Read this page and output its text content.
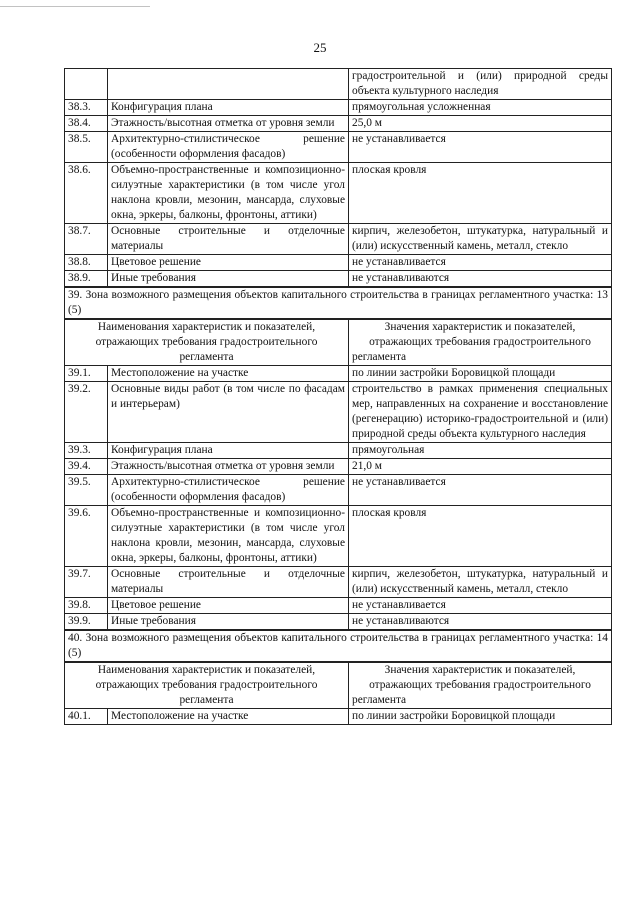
25
		градостроительной и (или) природной среды объекта культурного наследия
38.3.	Конфигурация плана	прямоугольная усложненная
38.4.	Этажность/высотная отметка от уровня земли	25,0 м
38.5.	Архитектурно-стилистическое решение (особенности оформления фасадов)	не устанавливается
38.6.	Объемно-пространственные и композиционно-силуэтные характеристики (в том числе угол наклона кровли, мезонин, мансарда, слуховые окна, эркеры, балконы, фронтоны, аттики)	плоская кровля
38.7.	Основные строительные и отделочные материалы	кирпич, железобетон, штукатурка, натуральный и (или) искусственный камень, металл, стекло
38.8.	Цветовое решение	не устанавливается
38.9.	Иные требования	не устанавливаются
39. Зона возможного размещения объектов капитального строительства в границах регламентного участка: 13 (5)		
Наименования характеристик и показателей, отражающих требования градостроительного регламента		Значения характеристик и показателей, отражающих требования градостроительного регламента
39.1.	Местоположение на участке	по линии застройки Боровицкой площади
39.2.	Основные виды работ (в том числе по фасадам и интерьерам)	строительство в рамках применения специальных мер, направленных на сохранение и восстановление (регенерацию) историко-градостроительной и (или) природной среды объекта культурного наследия
39.3.	Конфигурация плана	прямоугольная
39.4.	Этажность/высотная отметка от уровня земли	21,0 м
39.5.	Архитектурно-стилистическое решение (особенности оформления фасадов)	не устанавливается
39.6.	Объемно-пространственные и композиционно-силуэтные характеристики (в том числе угол наклона кровли, мезонин, мансарда, слуховые окна, эркеры, балконы, фронтоны, аттики)	плоская кровля
39.7.	Основные строительные и отделочные материалы	кирпич, железобетон, штукатурка, натуральный и (или) искусственный камень, металл, стекло
39.8.	Цветовое решение	не устанавливается
39.9.	Иные требования	не устанавливаются
40. Зона возможного размещения объектов капитального строительства в границах регламентного участка: 14 (5)		
Наименования характеристик и показателей, отражающих требования градостроительного регламента		Значения характеристик и показателей, отражающих требования градостроительного регламента
40.1.	Местоположение на участке	по линии застройки Боровицкой площади
